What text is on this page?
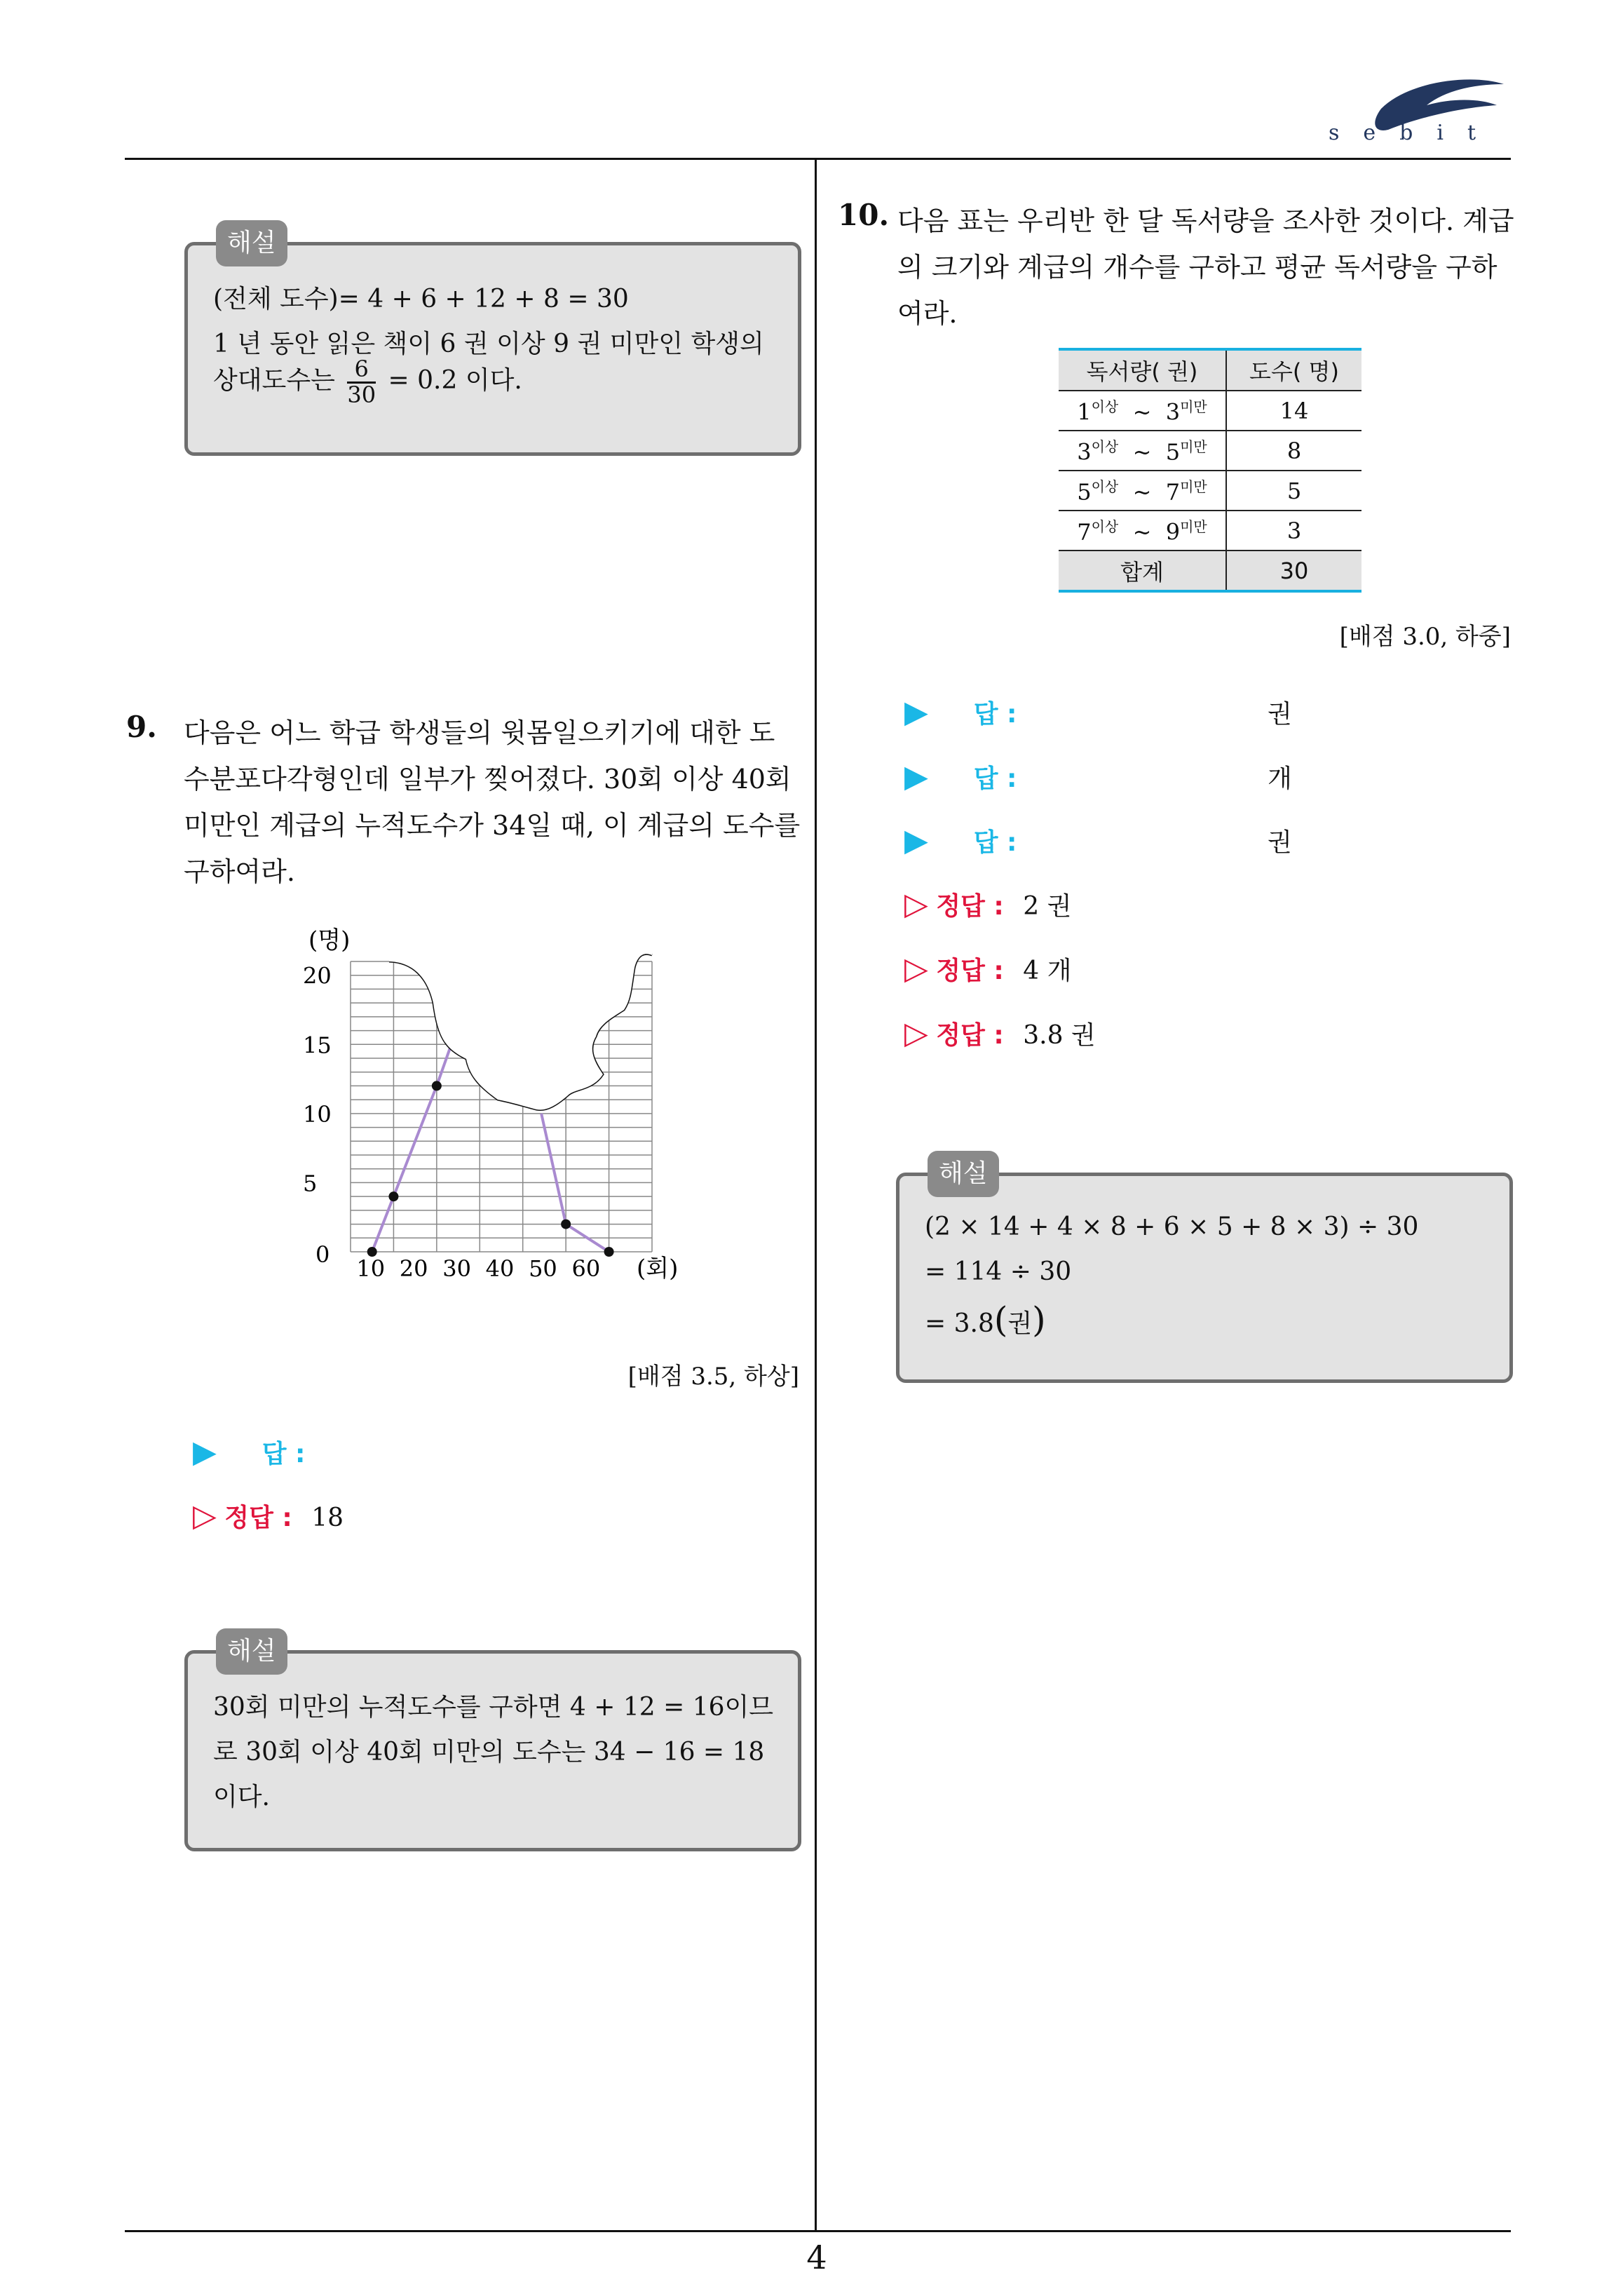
sebit
해설
(전체 도수)= 4 + 6 + 12 + 8 = 30
1 년 동안 읽은 책이 6 권 이상 9 권 미만인 학생의
상대도수는 $\frac{6}{30} = 0.2$ 이다.
9. 다음은 어느 학급 학생들의 윗몸일으키기에 대한 도
수분포다각형인데 일부가 찢어졌다. 30회 이상 40회
미만인 계급의 누적도수가 34일 때, 이 계급의 도수를
구하여라.
(명)
(회)
0
5
10
15
20
10 20 30 40 50 60
[배점 3.5, 하상]
▶ 답 :
▷ 정답 : 18
해설
30회 미만의 누적도수를 구하면 4 + 12 = 16이므
로 30회 이상 40회 미만의 도수는 34 − 16 = 18
이다.
10. 다음 표는 우리반 한 달 독서량을 조사한 것이다. 계급
의 크기와 계급의 개수를 구하고 평균 독서량을 구하
여라.
독서량( 권)	도수( 명)
$1^{이상}$ ~ $3^{미만}$	14
$3^{이상}$ ~ $5^{미만}$	8
$5^{이상}$ ~ $7^{미만}$	5
$7^{이상}$ ~ $9^{미만}$	3
합계	30
[배점 3.0, 하중]
▶ 답 :	권
▶ 답 :	개
▶ 답 :	권
▷ 정답 : 2 권
▷ 정답 : 4 개
▷ 정답 : 3.8 권
해설
(2 × 14 + 4 × 8 + 6 × 5 + 8 × 3) ÷ 30
= 114 ÷ 30
= 3.8(권)
4
